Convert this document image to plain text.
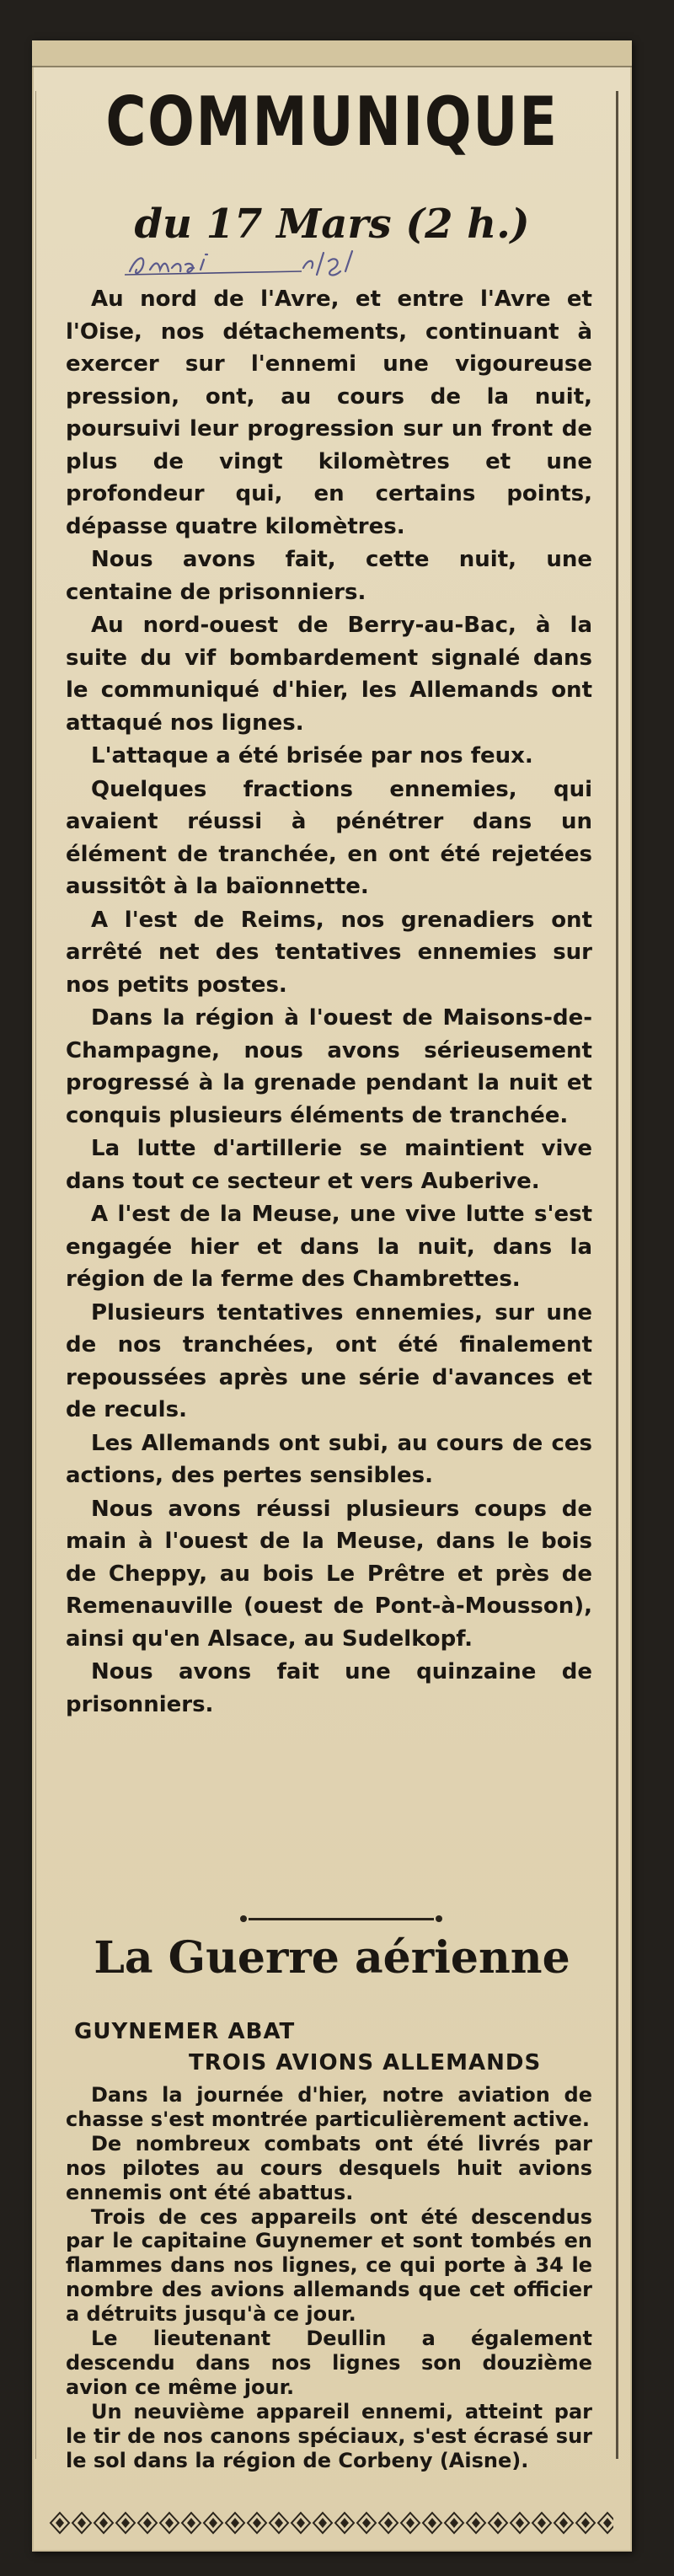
COMMUNIQUE
du 17 Mars (2 h.)

Au nord de l'Avre, et entre l'Avre et l'Oise, nos détachements, continuant à exercer sur l'ennemi une vigoureuse pression, ont, au cours de la nuit, poursuivi leur progression sur un front de plus de vingt kilomètres et une profondeur qui, en certains points, dépasse quatre kilomètres.

Nous avons fait, cette nuit, une centaine de prisonniers.

Au nord-ouest de Berry-au-Bac, à la suite du vif bombardement signalé dans le communiqué d'hier, les Allemands ont attaqué nos lignes.

L'attaque a été brisée par nos feux.

Quelques fractions ennemies, qui avaient réussi à pénétrer dans un élément de tranchée, en ont été rejetées aussitôt à la baïonnette.

A l'est de Reims, nos grenadiers ont arrêté net des tentatives ennemies sur nos petits postes.

Dans la région à l'ouest de Maisons-de-Champagne, nous avons sérieusement progressé à la grenade pendant la nuit et conquis plusieurs éléments de tranchée.

La lutte d'artillerie se maintient vive dans tout ce secteur et vers Auberive.

A l'est de la Meuse, une vive lutte s'est engagée hier et dans la nuit, dans la région de la ferme des Chambrettes.

Plusieurs tentatives ennemies, sur une de nos tranchées, ont été finalement repoussées après une série d'avances et de reculs.

Les Allemands ont subi, au cours de ces actions, des pertes sensibles.

Nous avons réussi plusieurs coups de main à l'ouest de la Meuse, dans le bois de Cheppy, au bois Le Prêtre et près de Remenauville (ouest de Pont-à-Mousson), ainsi qu'en Alsace, au Sudelkopf.

Nous avons fait une quinzaine de prisonniers.

La Guerre aérienne
GUYNEMER ABAT
TROIS AVIONS ALLEMANDS

Dans la journée d'hier, notre aviation de chasse s'est montrée particulièrement active.

De nombreux combats ont été livrés par nos pilotes au cours desquels huit avions ennemis ont été abattus.

Trois de ces appareils ont été descendus par le capitaine Guynemer et sont tombés en flammes dans nos lignes, ce qui porte à 34 le nombre des avions allemands que cet officier a détruits jusqu'à ce jour.

Le lieutenant Deullin a également descendu dans nos lignes son douzième avion ce même jour.

Un neuvième appareil ennemi, atteint par le tir de nos canons spéciaux, s'est écrasé sur le sol dans la région de Corbeny (Aisne).
